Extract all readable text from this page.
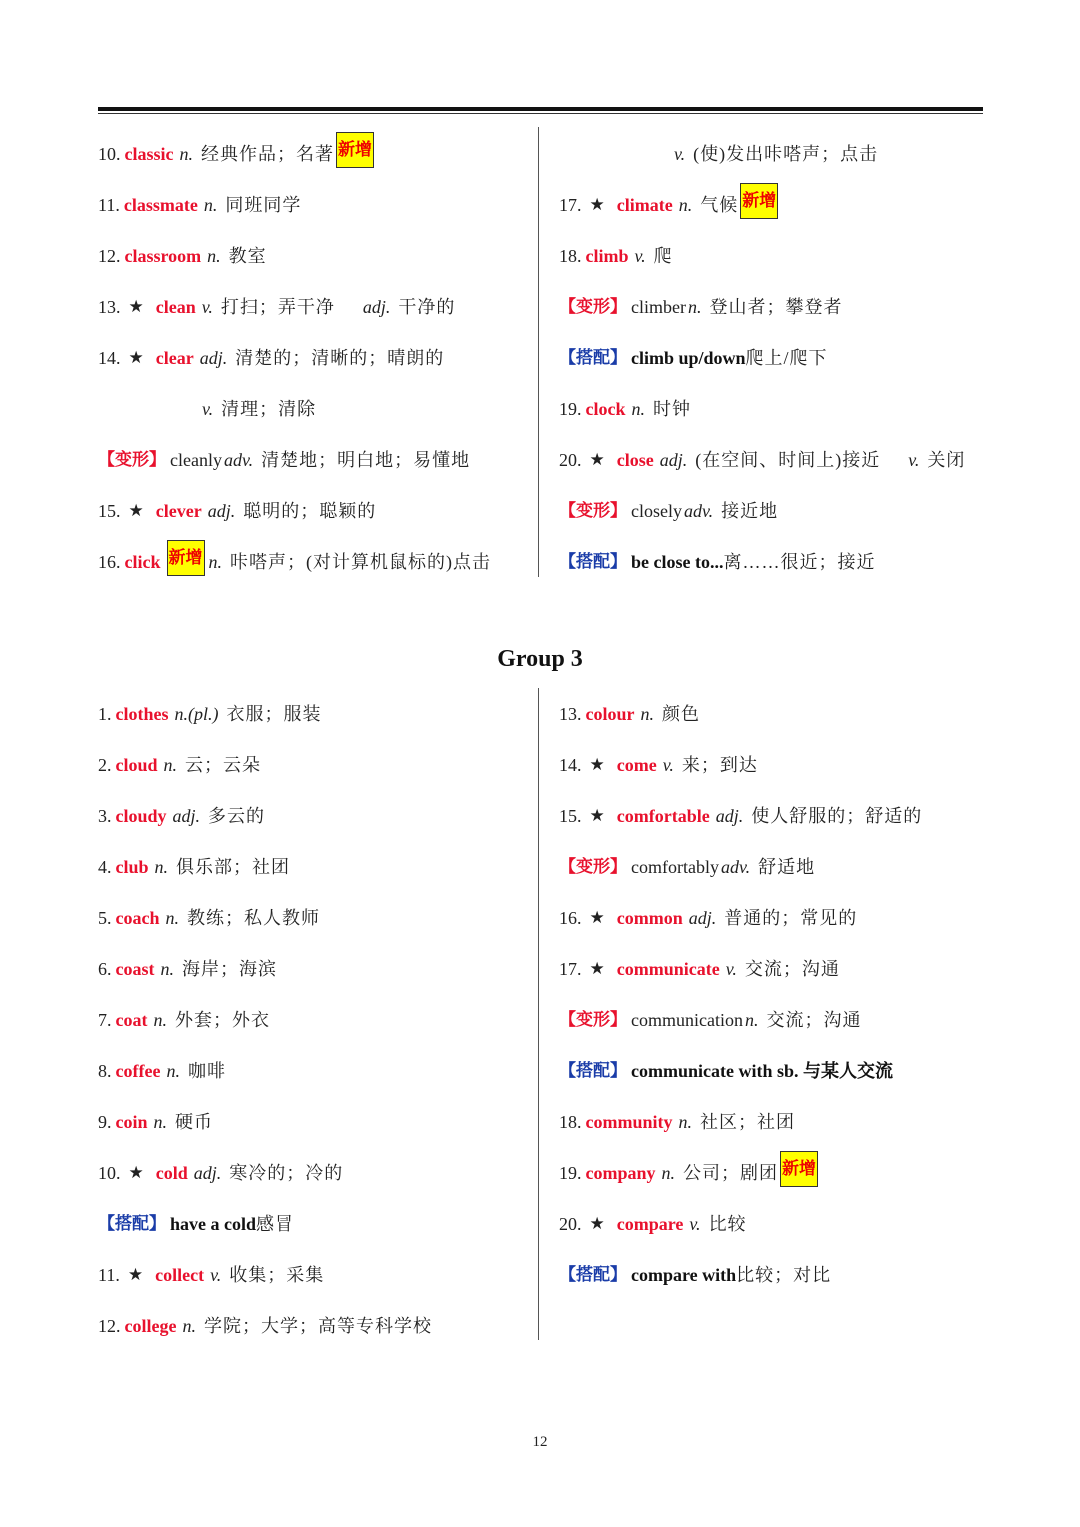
10. classic n. 经典作品；名著 新增
11. classmate n. 同班同学
12. classroom n. 教室
13. ★ clean v. 打扫；弄干净 adj. 干净的
14. ★ clear adj. 清楚的；清晰的；晴朗的
v. 清理；清除
【变形】 cleanly adv. 清楚地；明白地；易懂地
15. ★ clever adj. 聪明的；聪颖的
16. click 新增 n. 咔嗒声；(对计算机鼠标的)点击
v. (使)发出咔嗒声；点击
17. ★ climate n. 气候 新增
18. climb v. 爬
【变形】 climber n. 登山者；攀登者
【搭配】 climb up/down 爬上/爬下
19. clock n. 时钟
20. ★ close adj. (在空间、时间上)接近 v. 关闭
【变形】 closely adv. 接近地
【搭配】 be close to... 离……很近；接近
Group 3
1. clothes n.(pl.) 衣服；服装
2. cloud n. 云；云朵
3. cloudy adj. 多云的
4. club n. 俱乐部；社团
5. coach n. 教练；私人教师
6. coast n. 海岸；海滨
7. coat n. 外套；外衣
8. coffee n. 咖啡
9. coin n. 硬币
10. ★ cold adj. 寒冷的；冷的
【搭配】 have a cold 感冒
11. ★ collect v. 收集；采集
12. college n. 学院；大学；高等专科学校
13. colour n. 颜色
14. ★ come v. 来；到达
15. ★ comfortable adj. 使人舒服的；舒适的
【变形】 comfortably adv. 舒适地
16. ★ common adj. 普通的；常见的
17. ★ communicate v. 交流；沟通
【变形】 communication n. 交流；沟通
【搭配】 communicate with sb. 与某人交流
18. community n. 社区；社团
19. company n. 公司；剧团 新增
20. ★ compare v. 比较
【搭配】 compare with 比较；对比
12
